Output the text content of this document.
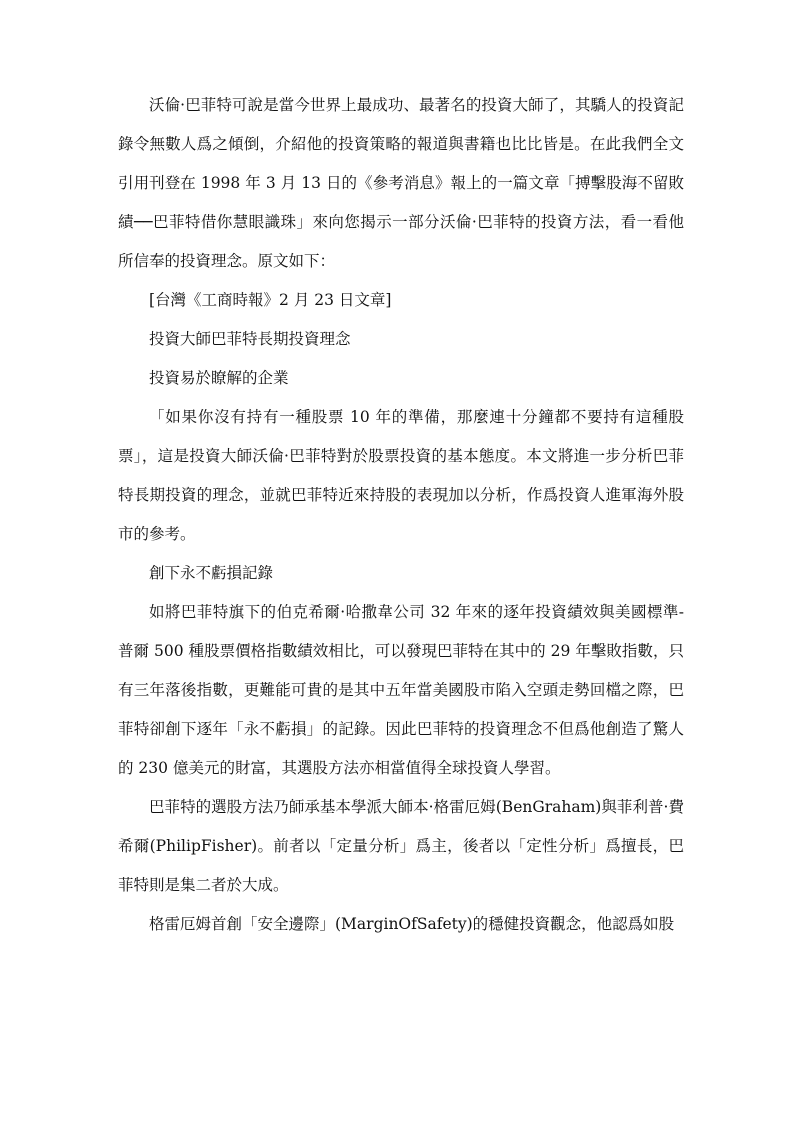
沃倫·巴菲特可說是當今世界上最成功、最著名的投資大師了，其驕人的投資記錄令無數人爲之傾倒，介紹他的投資策略的報道與書籍也比比皆是。在此我們全文引用刊登在 1998 年 3 月 13 日的《參考消息》報上的一篇文章「搏擊股海不留敗績──巴菲特借你慧眼識珠」來向您揭示一部分沃倫·巴菲特的投資方法，看一看他所信奉的投資理念。原文如下：

[台灣《工商時報》2 月 23 日文章]

投資大師巴菲特長期投資理念

投資易於瞭解的企業

「如果你沒有持有一種股票 10 年的準備，那麼連十分鐘都不要持有這種股票」，這是投資大師沃倫·巴菲特對於股票投資的基本態度。本文將進一步分析巴菲特長期投資的理念，並就巴菲特近來持股的表現加以分析，作爲投資人進軍海外股市的參考。

創下永不虧損記錄

如將巴菲特旗下的伯克希爾·哈撒韋公司 32 年來的逐年投資績效與美國標準-普爾 500 種股票價格指數績效相比，可以發現巴菲特在其中的 29 年擊敗指數，只有三年落後指數，更難能可貴的是其中五年當美國股市陷入空頭走勢回檔之際，巴菲特卻創下逐年「永不虧損」的記錄。因此巴菲特的投資理念不但爲他創造了驚人的 230 億美元的財富，其選股方法亦相當值得全球投資人學習。

巴菲特的選股方法乃師承基本學派大師本·格雷厄姆(BenGraham)與菲利普·費希爾(PhilipFisher)。前者以「定量分析」爲主，後者以「定性分析」爲擅長，巴菲特則是集二者於大成。

格雷厄姆首創「安全邊際」(MarginOfSafety)的穩健投資觀念，他認爲如股
